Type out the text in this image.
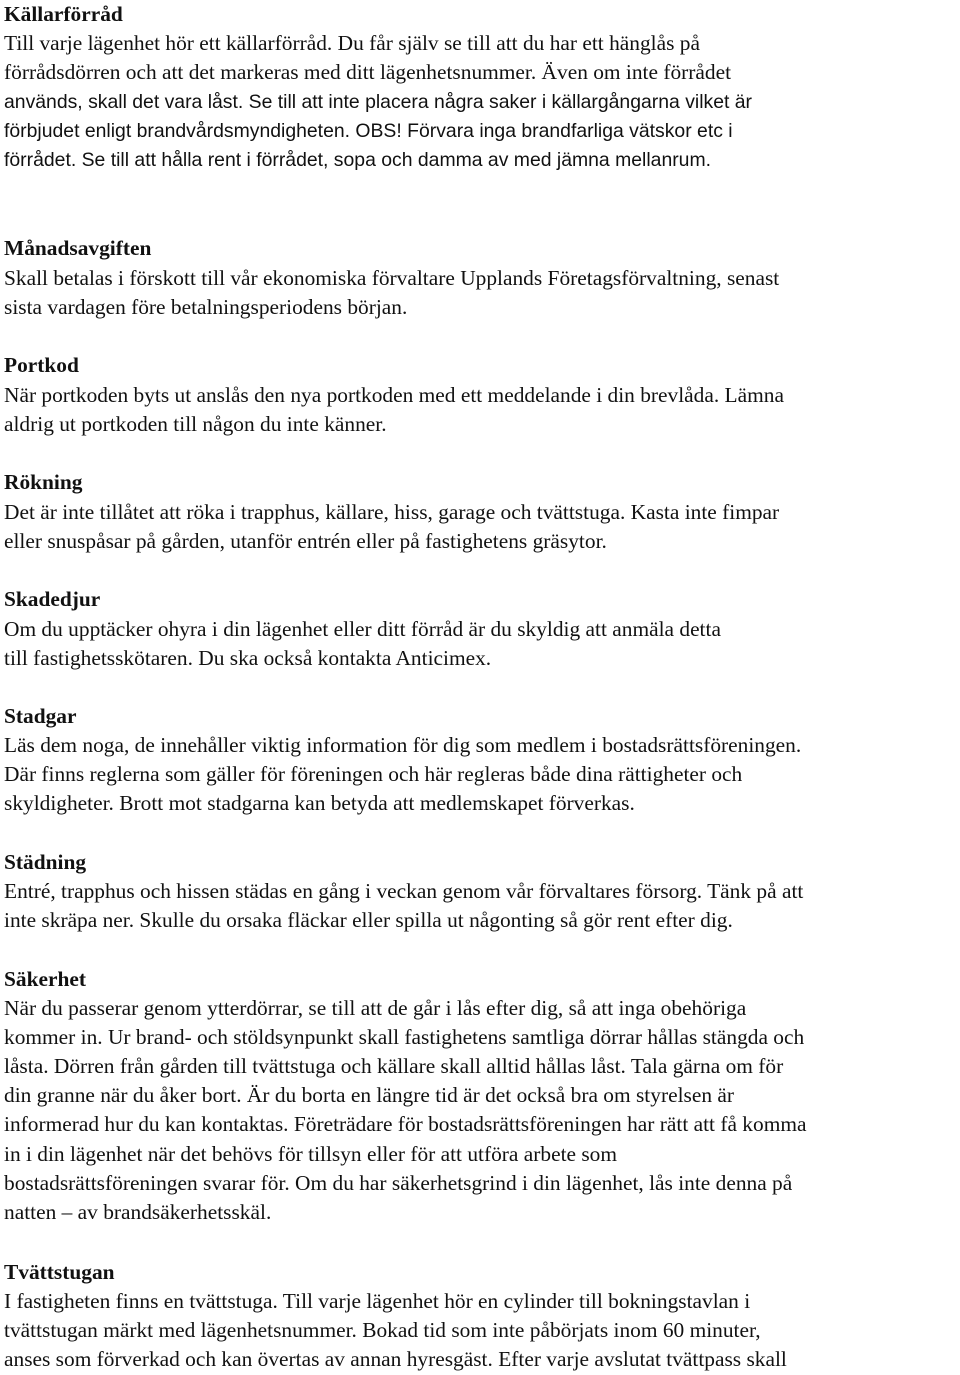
Källarförråd
Till varje lägenhet hör ett källarförråd. Du får själv se till att du har ett hänglås på
förrådsdörren och att det markeras med ditt lägenhetsnummer. Även om inte förrådet
används, skall det vara låst. Se till att inte placera några saker i källargångarna vilket är
förbjudet enligt brandvårdsmyndigheten. OBS! Förvara inga brandfarliga vätskor etc i
förrådet. Se till att hålla rent i förrådet, sopa och damma av med jämna mellanrum.
Månadsavgiften
Skall betalas i förskott till vår ekonomiska förvaltare Upplands Företagsförvaltning, senast
sista vardagen före betalningsperiodens början.
Portkod
När portkoden byts ut anslås den nya portkoden med ett meddelande i din brevlåda. Lämna
aldrig ut portkoden till någon du inte känner.
Rökning
Det är inte tillåtet att röka i trapphus, källare, hiss, garage och tvättstuga. Kasta inte fimpar
eller snuspåsar på gården, utanför entrén eller på fastighetens gräsytor.
Skadedjur
Om du upptäcker ohyra i din lägenhet eller ditt förråd är du skyldig att anmäla detta
till fastighetsskötaren. Du ska också kontakta Anticimex.
Stadgar
Läs dem noga, de innehåller viktig information för dig som medlem i bostadsrättsföreningen.
Där finns reglerna som gäller för föreningen och här regleras både dina rättigheter och
skyldigheter. Brott mot stadgarna kan betyda att medlemskapet förverkas.
Städning
Entré, trapphus och hissen städas en gång i veckan genom vår förvaltares försorg. Tänk på att
inte skräpa ner. Skulle du orsaka fläckar eller spilla ut någonting så gör rent efter dig.
Säkerhet
När du passerar genom ytterdörrar, se till att de går i lås efter dig, så att inga obehöriga
kommer in. Ur brand- och stöldsynpunkt skall fastighetens samtliga dörrar hållas stängda och
låsta. Dörren från gården till tvättstuga och källare skall alltid hållas låst. Tala gärna om för
din granne när du åker bort. Är du borta en längre tid är det också bra om styrelsen är
informerad hur du kan kontaktas. Företrädare för bostadsrättsföreningen har rätt att få komma
in i din lägenhet när det behövs för tillsyn eller för att utföra arbete som
bostadsrättsföreningen svarar för. Om du har säkerhetsgrind i din lägenhet, lås inte denna på
natten – av brandsäkerhetsskäl.
Tvättstugan
I fastigheten finns en tvättstuga. Till varje lägenhet hör en cylinder till bokningstavlan i
tvättstugan märkt med lägenhetsnummer. Bokad tid som inte påbörjats inom 60 minuter,
anses som förverkad och kan övertas av annan hyresgäst. Efter varje avslutat tvättpass skall
